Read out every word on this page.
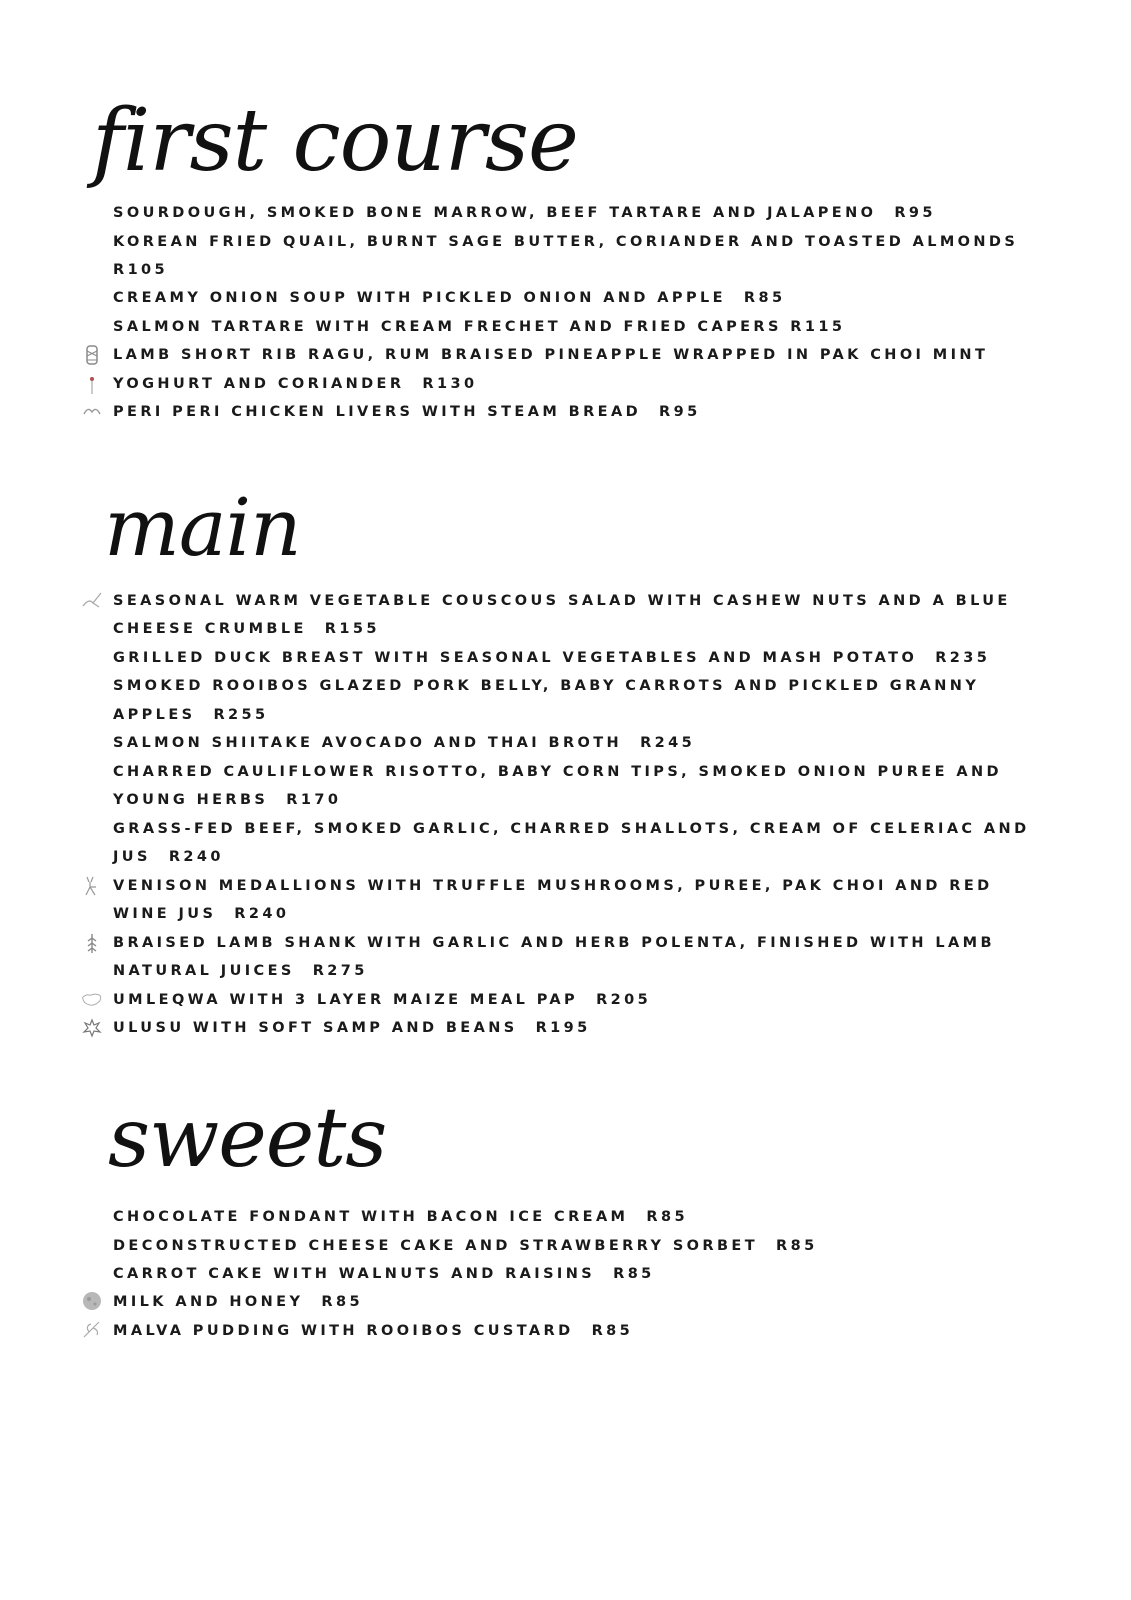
first course
SOURDOUGH, SMOKED BONE MARROW, BEEF TARTARE AND JALAPENO R95
KOREAN FRIED QUAIL, BURNT SAGE BUTTER, CORIANDER AND TOASTED ALMONDS
R105
CREAMY ONION SOUP WITH PICKLED ONION AND APPLE R85
SALMON TARTARE WITH CREAM FRECHET AND FRIED CAPERS R115
LAMB SHORT RIB RAGU, RUM BRAISED PINEAPPLE WRAPPED IN PAK CHOI MINT
YOGHURT AND CORIANDER R130
PERI PERI CHICKEN LIVERS WITH STEAM BREAD R95
main
SEASONAL WARM VEGETABLE COUSCOUS SALAD WITH CASHEW NUTS AND A BLUE
CHEESE CRUMBLE R155
GRILLED DUCK BREAST WITH SEASONAL VEGETABLES AND MASH POTATO R235
SMOKED ROOIBOS GLAZED PORK BELLY, BABY CARROTS AND PICKLED GRANNY
APPLES R255
SALMON SHIITAKE AVOCADO AND THAI BROTH R245
CHARRED CAULIFLOWER RISOTTO, BABY CORN TIPS, SMOKED ONION PUREE AND
YOUNG HERBS R170
GRASS-FED BEEF, SMOKED GARLIC, CHARRED SHALLOTS, CREAM OF CELERIAC AND
JUS R240
VENISON MEDALLIONS WITH TRUFFLE MUSHROOMS, PUREE, PAK CHOI AND RED
WINE JUS R240
BRAISED LAMB SHANK WITH GARLIC AND HERB POLENTA, FINISHED WITH LAMB
NATURAL JUICES R275
UMLEQWA WITH 3 LAYER MAIZE MEAL PAP R205
ULUSU WITH SOFT SAMP AND BEANS R195
sweets
CHOCOLATE FONDANT WITH BACON ICE CREAM R85
DECONSTRUCTED CHEESE CAKE AND STRAWBERRY SORBET R85
CARROT CAKE WITH WALNUTS AND RAISINS R85
MILK AND HONEY R85
MALVA PUDDING WITH ROOIBOS CUSTARD R85
